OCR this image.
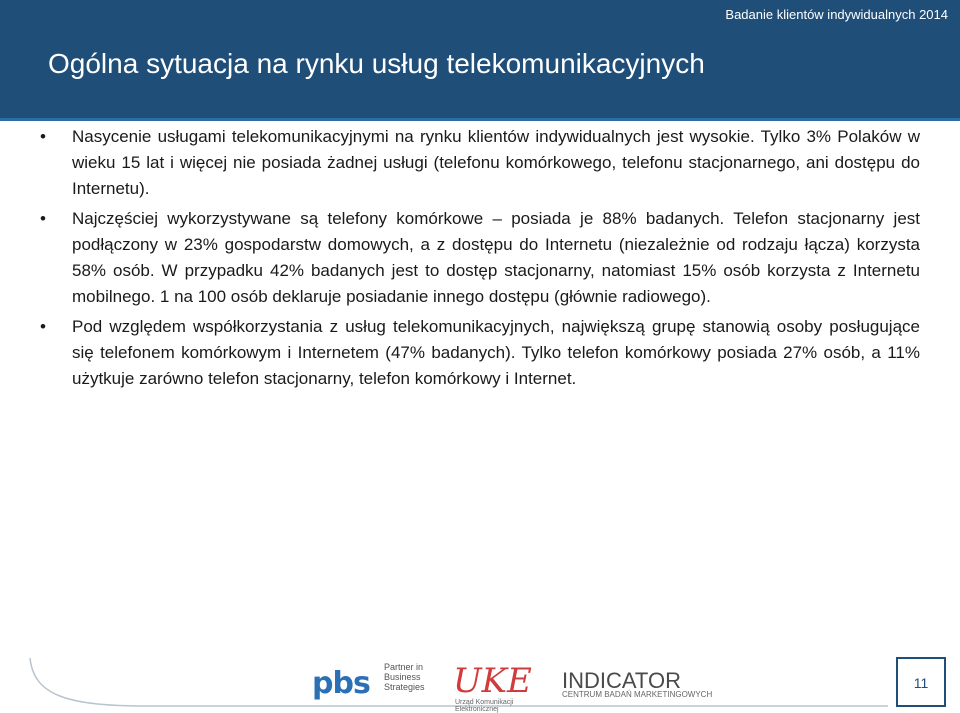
Badanie klientów indywidualnych 2014
Ogólna sytuacja na rynku usług telekomunikacyjnych
•	Nasycenie usługami telekomunikacyjnymi na rynku klientów indywidualnych jest wysokie. Tylko 3% Polaków w wieku 15 lat i więcej nie posiada żadnej usługi (telefonu komórkowego, telefonu stacjonarnego, ani dostępu do Internetu).
•	Najczęściej wykorzystywane są telefony komórkowe – posiada je 88% badanych. Telefon stacjonarny jest podłączony w 23% gospodarstw domowych, a z dostępu do Internetu (niezależnie od rodzaju łącza) korzysta 58% osób. W przypadku 42% badanych jest to dostęp stacjonarny, natomiast 15% osób korzysta z Internetu mobilnego. 1 na 100 osób deklaruje posiadanie innego dostępu (głównie radiowego).
•	Pod względem współkorzystania z usług telekomunikacyjnych, największą grupę stanowią osoby posługujące się telefonem komórkowym i Internetem (47% badanych). Tylko telefon komórkowy posiada 27% osób, a 11% użytkuje zarówno telefon stacjonarny, telefon komórkowy i Internet.
pbs Partner in Business Strategies UKE
Urząd Komunikacji Elektronicznej
INDICATOR
CENTRUM BADAŃ MARKETINGOWYCH
11
